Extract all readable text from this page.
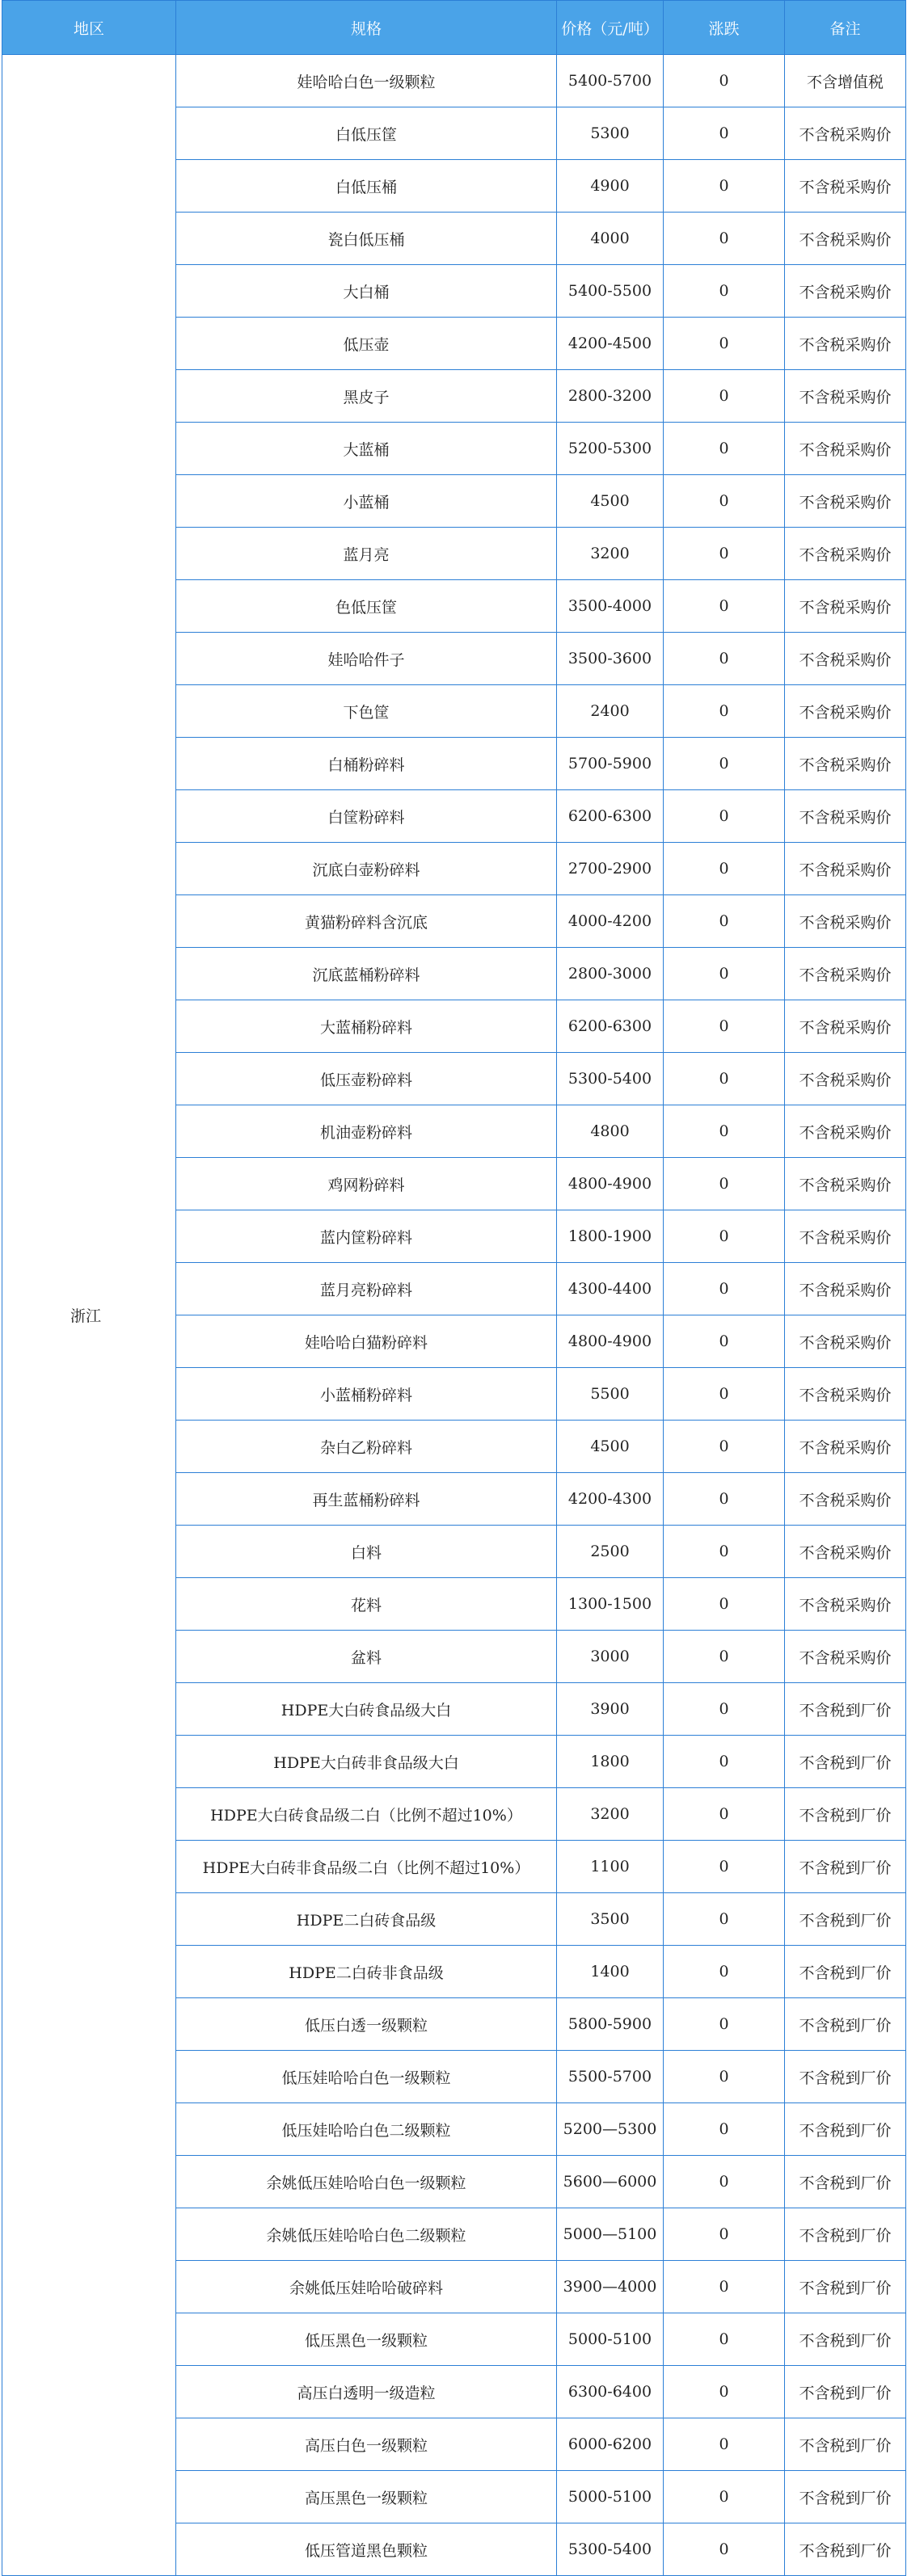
地区	规格	价格（元/吨）	涨跌	备注
浙江	娃哈哈白色一级颗粒	5400-5700	0	不含增值税
	白低压筐	5300	0	不含税采购价
	白低压桶	4900	0	不含税采购价
	瓷白低压桶	4000	0	不含税采购价
	大白桶	5400-5500	0	不含税采购价
	低压壶	4200-4500	0	不含税采购价
	黑皮子	2800-3200	0	不含税采购价
	大蓝桶	5200-5300	0	不含税采购价
	小蓝桶	4500	0	不含税采购价
	蓝月亮	3200	0	不含税采购价
	色低压筐	3500-4000	0	不含税采购价
	娃哈哈件子	3500-3600	0	不含税采购价
	下色筐	2400	0	不含税采购价
	白桶粉碎料	5700-5900	0	不含税采购价
	白筐粉碎料	6200-6300	0	不含税采购价
	沉底白壶粉碎料	2700-2900	0	不含税采购价
	黄猫粉碎料含沉底	4000-4200	0	不含税采购价
	沉底蓝桶粉碎料	2800-3000	0	不含税采购价
	大蓝桶粉碎料	6200-6300	0	不含税采购价
	低压壶粉碎料	5300-5400	0	不含税采购价
	机油壶粉碎料	4800	0	不含税采购价
	鸡网粉碎料	4800-4900	0	不含税采购价
	蓝内筐粉碎料	1800-1900	0	不含税采购价
	蓝月亮粉碎料	4300-4400	0	不含税采购价
	娃哈哈白猫粉碎料	4800-4900	0	不含税采购价
	小蓝桶粉碎料	5500	0	不含税采购价
	杂白乙粉碎料	4500	0	不含税采购价
	再生蓝桶粉碎料	4200-4300	0	不含税采购价
	白料	2500	0	不含税采购价
	花料	1300-1500	0	不含税采购价
	盆料	3000	0	不含税采购价
	HDPE大白砖食品级大白	3900	0	不含税到厂价
	HDPE大白砖非食品级大白	1800	0	不含税到厂价
	HDPE大白砖食品级二白（比例不超过10%）	3200	0	不含税到厂价
	HDPE大白砖非食品级二白（比例不超过10%）	1100	0	不含税到厂价
	HDPE二白砖食品级	3500	0	不含税到厂价
	HDPE二白砖非食品级	1400	0	不含税到厂价
	低压白透一级颗粒	5800-5900	0	不含税到厂价
	低压娃哈哈白色一级颗粒	5500-5700	0	不含税到厂价
	低压娃哈哈白色二级颗粒	5200—5300	0	不含税到厂价
	余姚低压娃哈哈白色一级颗粒	5600—6000	0	不含税到厂价
	余姚低压娃哈哈白色二级颗粒	5000—5100	0	不含税到厂价
	余姚低压娃哈哈破碎料	3900—4000	0	不含税到厂价
	低压黑色一级颗粒	5000-5100	0	不含税到厂价
	高压白透明一级造粒	6300-6400	0	不含税到厂价
	高压白色一级颗粒	6000-6200	0	不含税到厂价
	高压黑色一级颗粒	5000-5100	0	不含税到厂价
	低压管道黑色颗粒	5300-5400	0	不含税到厂价
